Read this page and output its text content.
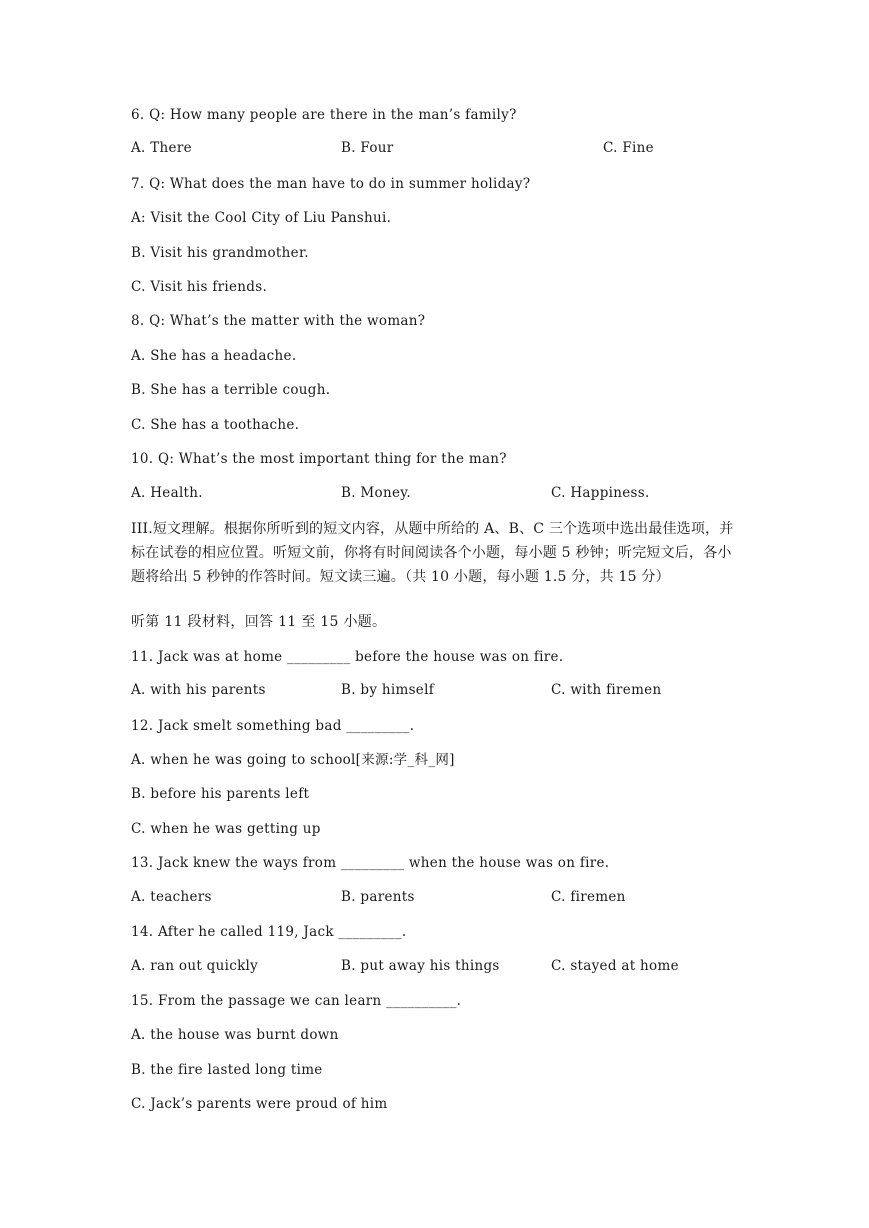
6. Q: How many people are there in the man’s family?
A. There	B. Four	C. Fine
7. Q: What does the man have to do in summer holiday?
A: Visit the Cool City of Liu Panshui.
B. Visit his grandmother.
C. Visit his friends.
8. Q: What’s the matter with the woman?
A. She has a headache.
B. She has a terrible cough.
C. She has a toothache.
10. Q: What’s the most important thing for the man?
A. Health.	B. Money.	C. Happiness.
III.短文理解。根据你所听到的短文内容，从题中所给的 A、B、C 三个选项中选出最佳选项，并标在试卷的相应位置。听短文前，你将有时间阅读各个小题，每小题 5 秒钟；听完短文后，各小题将给出 5 秒钟的作答时间。短文读三遍。（共 10 小题，每小题 1.5 分，共 15 分）
听第 11 段材料，回答 11 至 15 小题。
11. Jack was at home _________ before the house was on fire.
A. with his parents	B. by himself	C. with firemen
12. Jack smelt something bad _________.
A. when he was going to school[来源:学_科_网]
B. before his parents left
C. when he was getting up
13. Jack knew the ways from _________ when the house was on fire.
A. teachers	B. parents	C. firemen
14. After he called 119, Jack _________.
A. ran out quickly	B. put away his things	C. stayed at home
15. From the passage we can learn __________.
A. the house was burnt down
B. the fire lasted long time
C. Jack’s parents were proud of him
